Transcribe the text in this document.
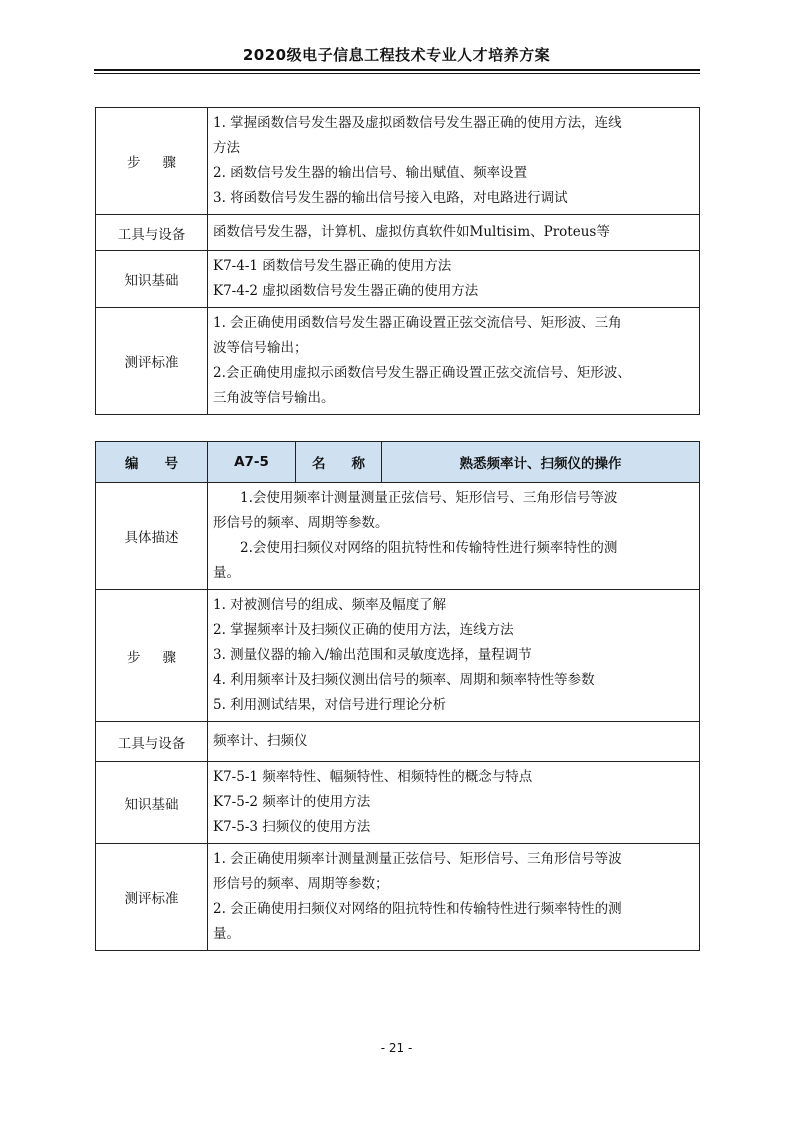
2020级电子信息工程技术专业人才培养方案
步骤	1. 掌握函数信号发生器及虚拟函数信号发生器正确的使用方法，连线
方法
2. 函数信号发生器的输出信号、输出赋值、频率设置
3. 将函数信号发生器的输出信号接入电路，对电路进行调试

工具与设备	函数信号发生器，计算机、虚拟仿真软件如Multisim、Proteus等
知识基础	K7-4-1 函数信号发生器正确的使用方法
K7-4-2 虚拟函数信号发生器正确的使用方法

测评标准	1. 会正确使用函数信号发生器正确设置正弦交流信号、矩形波、三角
波等信号输出；
2.会正确使用虚拟示函数信号发生器正确设置正弦交流信号、矩形波、
三角波等信号输出。
编号	A7-5	名称	熟悉频率计、扫频仪的操作
具体描述	1.会使用频率计测量测量正弦信号、矩形信号、三角形信号等波
形信号的频率、周期等参数。
2.会使用扫频仪对网络的阻抗特性和传输特性进行频率特性的测
量。		

步骤	1. 对被测信号的组成、频率及幅度了解
2. 掌握频率计及扫频仪正确的使用方法，连线方法
3. 测量仪器的输入/输出范围和灵敏度选择，量程调节
4. 利用频率计及扫频仪测出信号的频率、周期和频率特性等参数
5. 利用测试结果，对信号进行理论分析		

工具与设备	频率计、扫频仪		
知识基础	K7-5-1 频率特性、幅频特性、相频特性的概念与特点
K7-5-2 频率计的使用方法
K7-5-3 扫频仪的使用方法		

测评标准	1. 会正确使用频率计测量测量正弦信号、矩形信号、三角形信号等波
形信号的频率、周期等参数；
2. 会正确使用扫频仪对网络的阻抗特性和传输特性进行频率特性的测
量。		
- 21 -
